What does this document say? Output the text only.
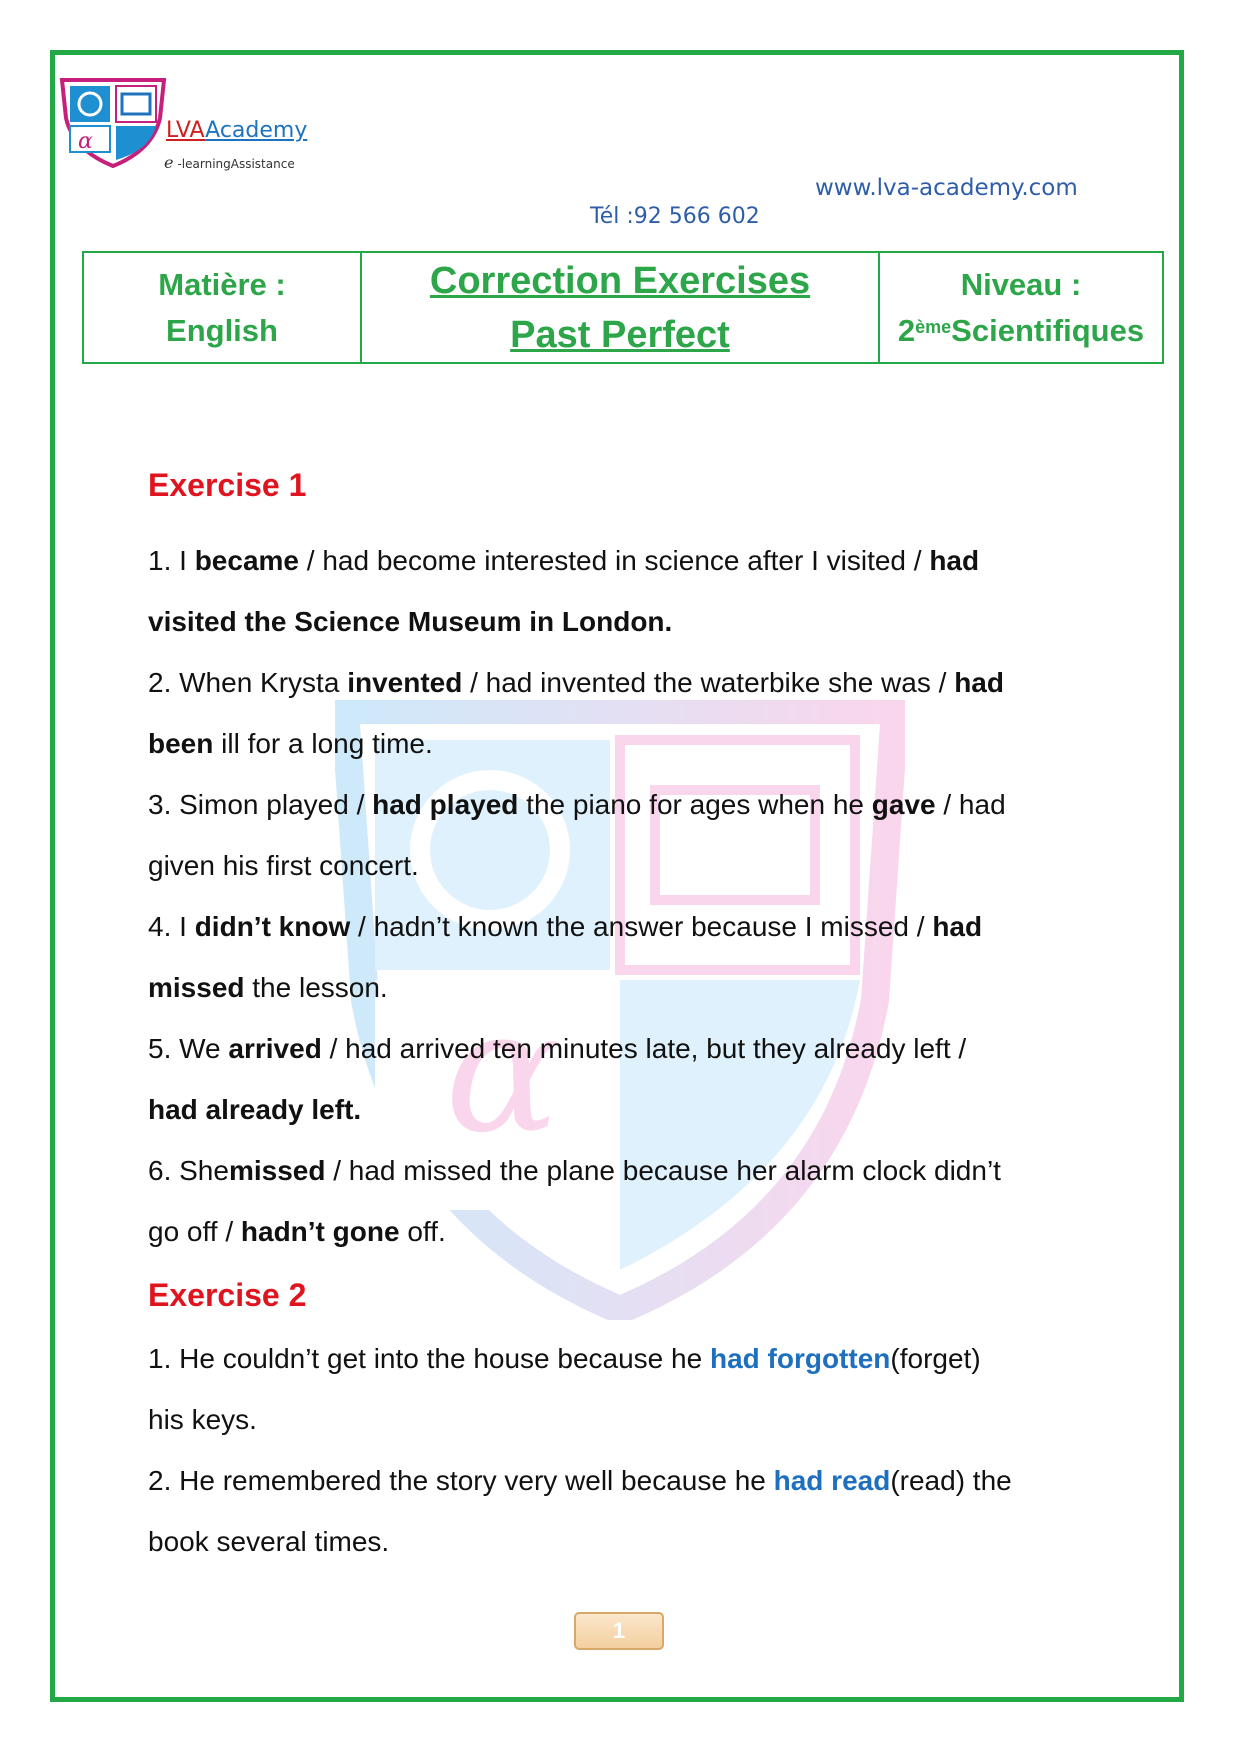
α
α	LVAAcademy
e -learningAssistance
www.lva-academy.com
Tél :92 566 602
Matière :
English
Correction Exercises
Past Perfect
Niveau :
2èmeScientifiques
Exercise 1
1. I became / had become interested in science after I visited / had
visited the Science Museum in London.
2. When Krysta invented / had invented the waterbike she was / had
been ill for a long time.
3. Simon played / had played the piano for ages when he gave / had
given his first concert.
4. I didn’t know / hadn’t known the answer because I missed / had
missed the lesson.
5. We arrived / had arrived ten minutes late, but they already left /
had already left.
6. Shemissed / had missed the plane because her alarm clock didn’t
go off / hadn’t gone off.
Exercise 2
1. He couldn’t get into the house because he had forgotten(forget)
his keys.
2. He remembered the story very well because he had read(read) the
book several times.
1
